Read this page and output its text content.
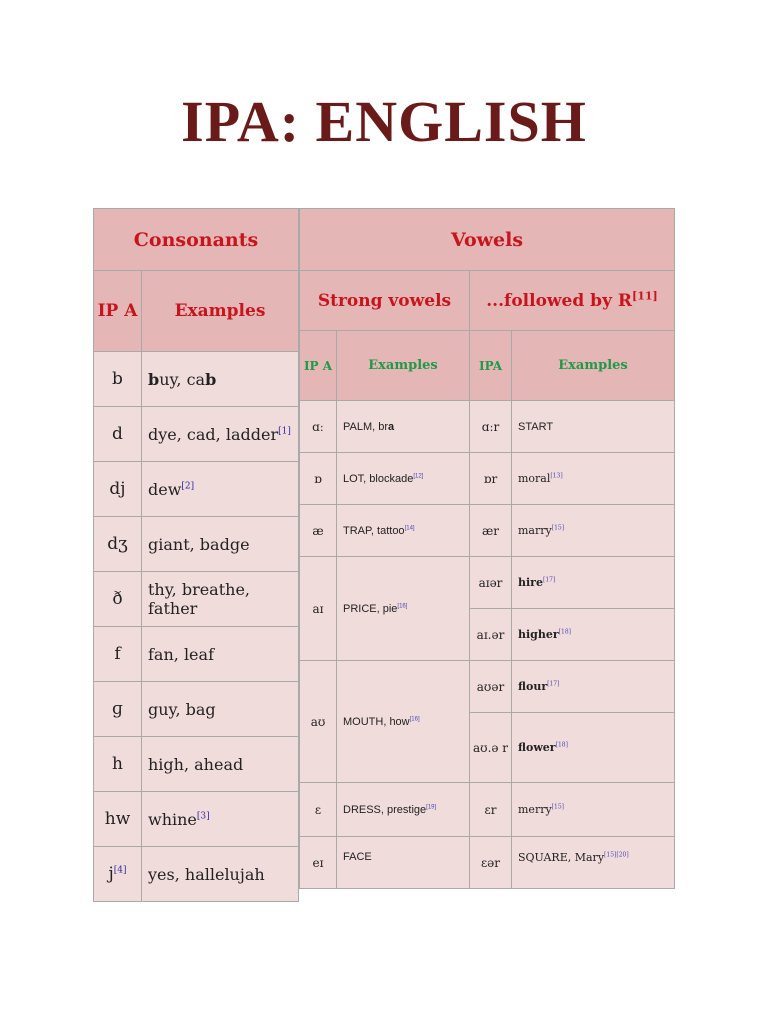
IPA: ENGLISH
Consonants	
IP A	Examples
b	buy, cab
d	dye, cad, ladder[1]
dj	dew[2]
dʒ	giant, badge
ð	thy, breathe, father
f	fan, leaf
ɡ	guy, bag
h	high, ahead
hw	whine[3]
j[4]	yes, hallelujah
Vowels			
Strong vowels		...followed by R[11]
IP A	Examples	IPA	Examples
ɑː	PALM, bra	ɑːr	START
ɒ	LOT, blockade[12]	ɒr	moral[13]
æ	TRAP, tattoo[14]	ær	marry[15]
aɪ	PRICE, pie[16]	aɪər	hire[17]
		aɪ.ər	higher[18]
aʊ	MOUTH, how[16]	aʊər	flour[17]
		aʊ.ə r	flower[18]
ɛ	DRESS, prestige[19]	ɛr	merry[15]
eɪ	FACE	ɛər	SQUARE, Mary[15][20]
